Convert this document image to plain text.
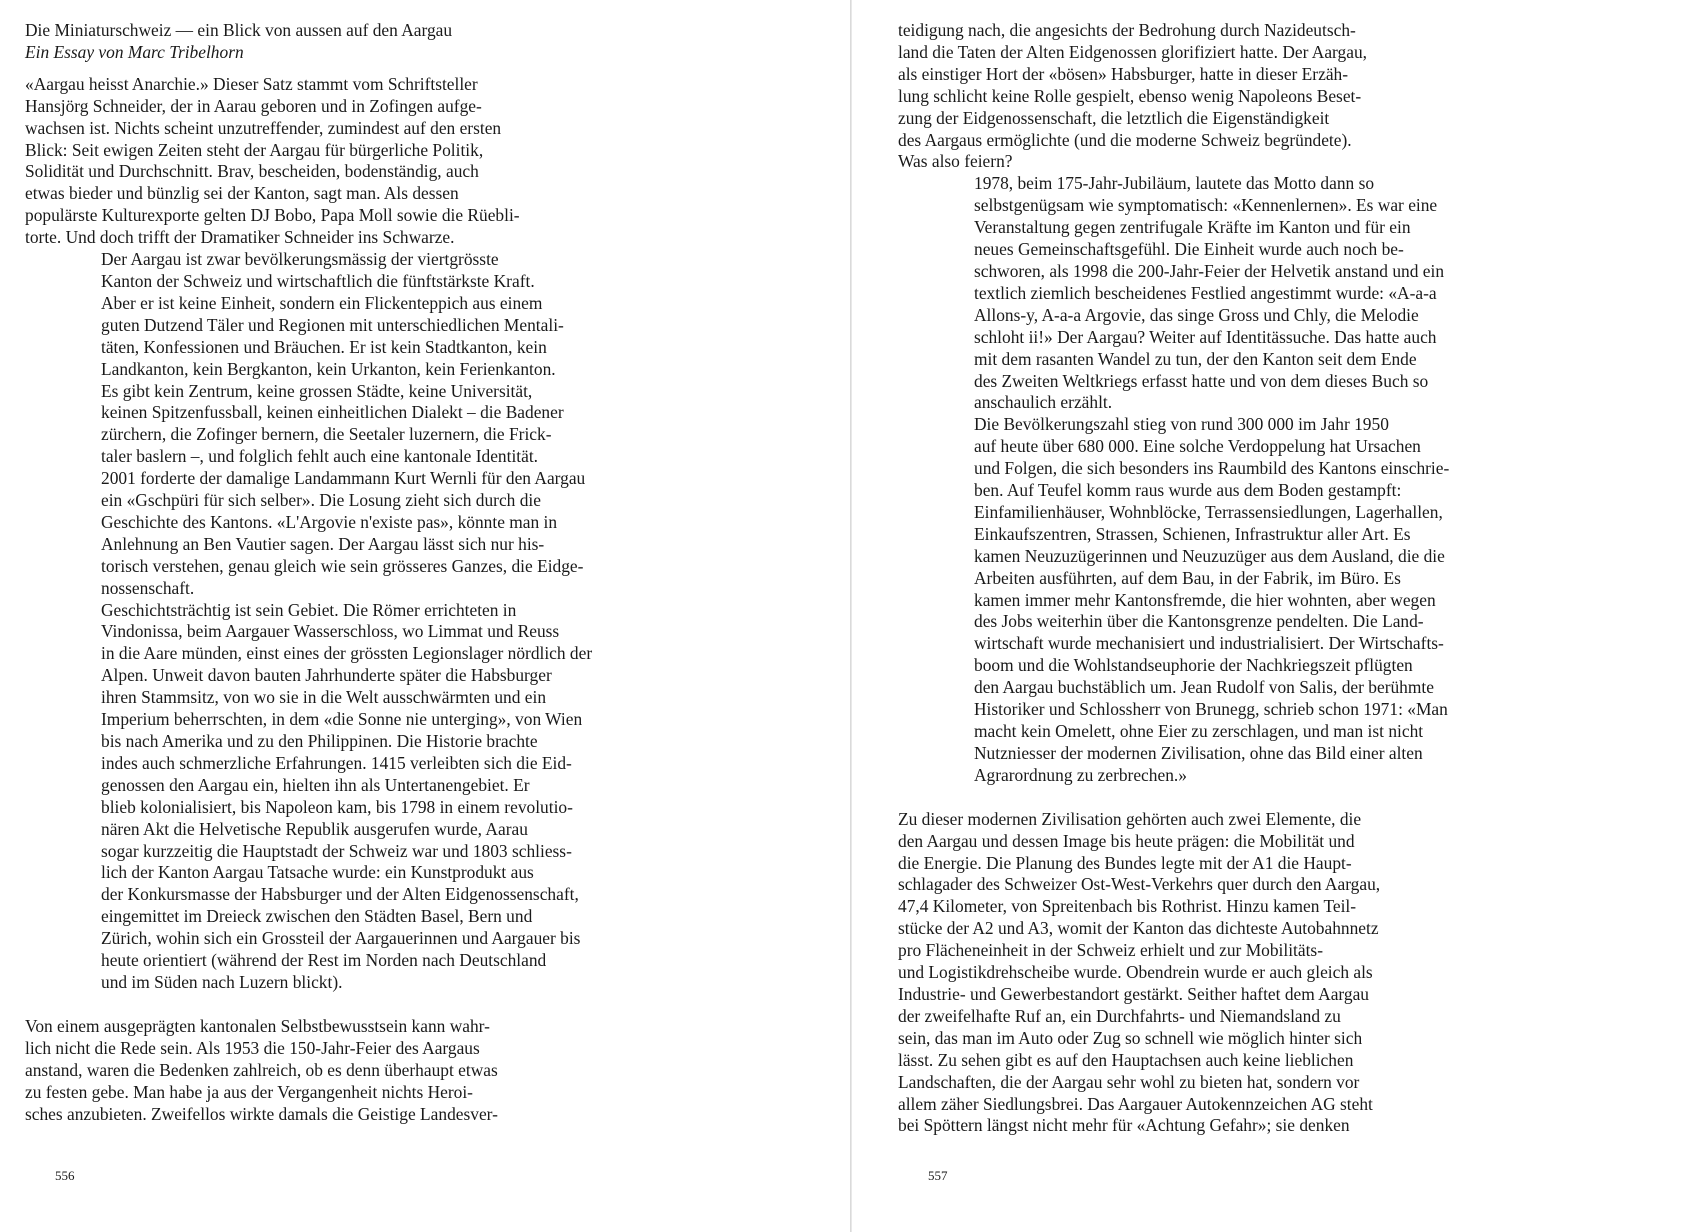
Die Miniaturschweiz — ein Blick von aussen auf den Aargau
Ein Essay von Marc Tribelhorn

«Aargau heisst Anarchie.» Dieser Satz stammt vom Schriftsteller
Hansjörg Schneider, der in Aarau geboren und in Zofingen aufge-
wachsen ist. Nichts scheint unzutreffender, zumindest auf den ersten
Blick: Seit ewigen Zeiten steht der Aargau für bürgerliche Politik,
Solidität und Durchschnitt. Brav, bescheiden, bodenständig, auch
etwas bieder und bünzlig sei der Kanton, sagt man. Als dessen
populärste Kulturexporte gelten DJ Bobo, Papa Moll sowie die Rüebli-
torte. Und doch trifft der Dramatiker Schneider ins Schwarze.

Der Aargau ist zwar bevölkerungsmässig der viertgrösste
Kanton der Schweiz und wirtschaftlich die fünftstärkste Kraft.
Aber er ist keine Einheit, sondern ein Flickenteppich aus einem
guten Dutzend Täler und Regionen mit unterschiedlichen Mentali-
täten, Konfessionen und Bräuchen. Er ist kein Stadtkanton, kein
Landkanton, kein Bergkanton, kein Urkanton, kein Ferienkanton.
Es gibt kein Zentrum, keine grossen Städte, keine Universität,
keinen Spitzenfussball, keinen einheitlichen Dialekt – die Badener
zürchern, die Zofinger bernern, die Seetaler luzernern, die Frick-
taler baslern –, und folglich fehlt auch eine kantonale Identität.
2001 forderte der damalige Landammann Kurt Wernli für den Aargau
ein «Gschpüri für sich selber». Die Losung zieht sich durch die
Geschichte des Kantons. «L'Argovie n'existe pas», könnte man in
Anlehnung an Ben Vautier sagen. Der Aargau lässt sich nur his-
torisch verstehen, genau gleich wie sein grösseres Ganzes, die Eidge-
nossenschaft.

Geschichtsträchtig ist sein Gebiet. Die Römer errichteten in
Vindonissa, beim Aargauer Wasserschloss, wo Limmat und Reuss
in die Aare münden, einst eines der grössten Legionslager nördlich der
Alpen. Unweit davon bauten Jahrhunderte später die Habsburger
ihren Stammsitz, von wo sie in die Welt ausschwärmten und ein
Imperium beherrschten, in dem «die Sonne nie unterging», von Wien
bis nach Amerika und zu den Philippinen. Die Historie brachte
indes auch schmerzliche Erfahrungen. 1415 verleibten sich die Eid-
genossen den Aargau ein, hielten ihn als Untertanengebiet. Er
blieb kolonialisiert, bis Napoleon kam, bis 1798 in einem revolutio-
nären Akt die Helvetische Republik ausgerufen wurde, Aarau
sogar kurzzeitig die Hauptstadt der Schweiz war und 1803 schliess-
lich der Kanton Aargau Tatsache wurde: ein Kunstprodukt aus
der Konkursmasse der Habsburger und der Alten Eidgenossenschaft,
eingemittet im Dreieck zwischen den Städten Basel, Bern und
Zürich, wohin sich ein Grossteil der Aargauerinnen und Aargauer bis
heute orientiert (während der Rest im Norden nach Deutschland
und im Süden nach Luzern blickt).

Von einem ausgeprägten kantonalen Selbstbewusstsein kann wahr-
lich nicht die Rede sein. Als 1953 die 150-Jahr-Feier des Aargaus
anstand, waren die Bedenken zahlreich, ob es denn überhaupt etwas
zu festen gebe. Man habe ja aus der Vergangenheit nichts Heroi-
sches anzubieten. Zweifellos wirkte damals die Geistige Landesver-

556

teidigung nach, die angesichts der Bedrohung durch Nazideutsch-
land die Taten der Alten Eidgenossen glorifiziert hatte. Der Aargau,
als einstiger Hort der «bösen» Habsburger, hatte in dieser Erzäh-
lung schlicht keine Rolle gespielt, ebenso wenig Napoleons Beset-
zung der Eidgenossenschaft, die letztlich die Eigenständigkeit
des Aargaus ermöglichte (und die moderne Schweiz begründete).
Was also feiern?

1978, beim 175-Jahr-Jubiläum, lautete das Motto dann so
selbstgenügsam wie symptomatisch: «Kennenlernen». Es war eine
Veranstaltung gegen zentrifugale Kräfte im Kanton und für ein
neues Gemeinschaftsgefühl. Die Einheit wurde auch noch be-
schworen, als 1998 die 200-Jahr-Feier der Helvetik anstand und ein
textlich ziemlich bescheidenes Festlied angestimmt wurde: «A-a-a
Allons-y, A-a-a Argovie, das singe Gross und Chly, die Melodie
schloht ii!» Der Aargau? Weiter auf Identitässuche. Das hatte auch
mit dem rasanten Wandel zu tun, der den Kanton seit dem Ende
des Zweiten Weltkriegs erfasst hatte und von dem dieses Buch so
anschaulich erzählt.

Die Bevölkerungszahl stieg von rund 300 000 im Jahr 1950
auf heute über 680 000. Eine solche Verdoppelung hat Ursachen
und Folgen, die sich besonders ins Raumbild des Kantons einschrie-
ben. Auf Teufel komm raus wurde aus dem Boden gestampft:
Einfamilienhäuser, Wohnblöcke, Terrassensiedlungen, Lagerhallen,
Einkaufszentren, Strassen, Schienen, Infrastruktur aller Art. Es
kamen Neuzuzügerinnen und Neuzuzüger aus dem Ausland, die die
Arbeiten ausführten, auf dem Bau, in der Fabrik, im Büro. Es
kamen immer mehr Kantonsfremde, die hier wohnten, aber wegen
des Jobs weiterhin über die Kantonsgrenze pendelten. Die Land-
wirtschaft wurde mechanisiert und industrialisiert. Der Wirtschafts-
boom und die Wohlstandseuphorie der Nachkriegszeit pflügten
den Aargau buchstäblich um. Jean Rudolf von Salis, der berühmte
Historiker und Schlossherr von Brunegg, schrieb schon 1971: «Man
macht kein Omelett, ohne Eier zu zerschlagen, und man ist nicht
Nutzniesser der modernen Zivilisation, ohne das Bild einer alten
Agrarordnung zu zerbrechen.»

Zu dieser modernen Zivilisation gehörten auch zwei Elemente, die
den Aargau und dessen Image bis heute prägen: die Mobilität und
die Energie. Die Planung des Bundes legte mit der A1 die Haupt-
schlagader des Schweizer Ost-West-Verkehrs quer durch den Aargau,
47,4 Kilometer, von Spreitenbach bis Rothrist. Hinzu kamen Teil-
stücke der A2 und A3, womit der Kanton das dichteste Autobahnnetz
pro Flächeneinheit in der Schweiz erhielt und zur Mobilitäts-
und Logistikdrehscheibe wurde. Obendrein wurde er auch gleich als
Industrie- und Gewerbestandort gestärkt. Seither haftet dem Aargau
der zweifelhafte Ruf an, ein Durchfahrts- und Niemandsland zu
sein, das man im Auto oder Zug so schnell wie möglich hinter sich
lässt. Zu sehen gibt es auf den Hauptachsen auch keine lieblichen
Landschaften, die der Aargau sehr wohl zu bieten hat, sondern vor
allem zäher Siedlungsbrei. Das Aargauer Autokennzeichen AG steht
bei Spöttern längst nicht mehr für «Achtung Gefahr»; sie denken

557
